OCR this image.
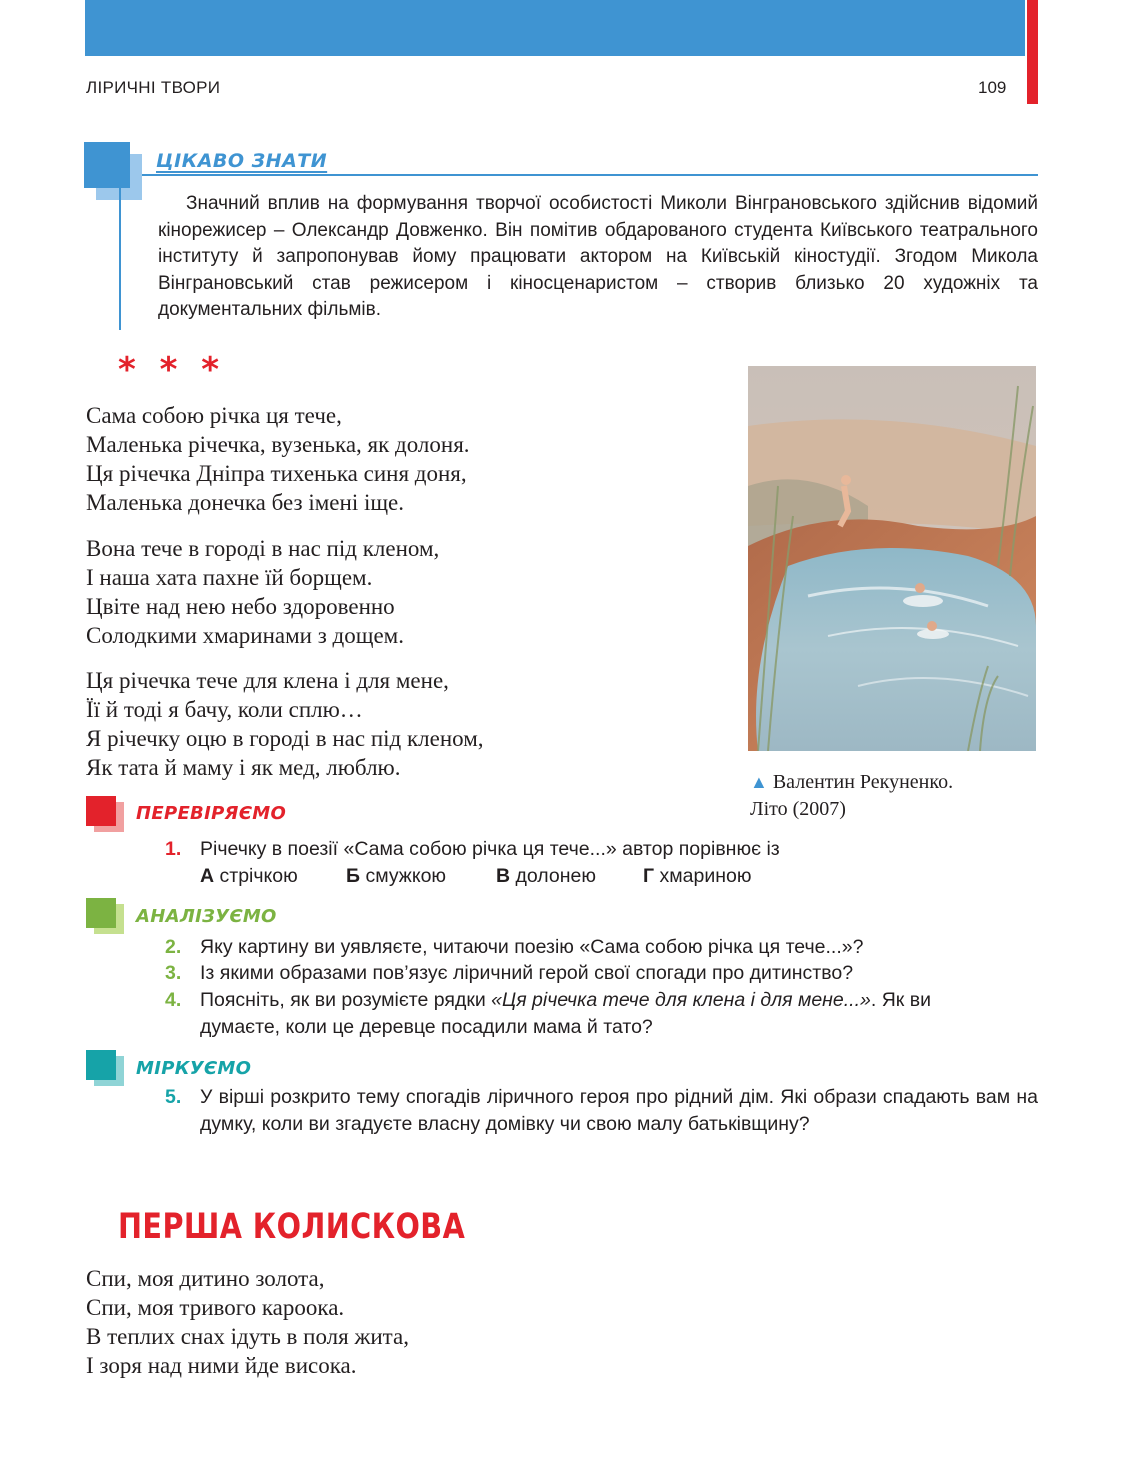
ЛІРИЧНІ ТВОРИ	109
ЦІКАВО ЗНАТИ

Значний вплив на формування творчої особистості Миколи Вінграновського здійснив відомий кінорежисер – Олександр Довженко. Він помітив обдарованого студента Київського театрального інституту й запропонував йому працювати актором на Київській кіностудії. Згодом Микола Вінграновський став режисером і кіносценаристом – створив близько 20 художніх та документальних фільмів.

* * *
Сама собою річка ця тече,
Маленька річечка, вузенька, як долоня.
Ця річечка Дніпра тихенька синя доня,
Маленька донечка без імені іще.
Вона тече в городі в нас під кленом,
І наша хата пахне їй борщем.
Цвіте над нею небо здоровенно
Солодкими хмаринами з дощем.
Ця річечка тече для клена і для мене,
Її й тоді я бачу, коли сплю…
Я річечку оцю в городі в нас під кленом,
Як тата й маму і як мед, люблю.
▲ Валентин Рекуненко.
Літо (2007)
ПЕРЕВІРЯЄМО
1. Річечку в поезії «Сама собою річка ця тече...» автор порівнює із
А стрічкою Б смужкою	В долонею Г хмариною
АНАЛІЗУЄМО
2. Яку картину ви уявляєте, читаючи поезію «Сама собою річка ця тече...»?
3. Із якими образами пов’язує ліричний герой свої спогади про дитинство?
4. Поясніть, як ви розумієте рядки «Ця річечка тече для клена і для мене...». Як ви
думаєте, коли це деревце посадили мама й тато?
МІРКУЄМО
5. У вірші розкрито тему спогадів ліричного героя про рідний дім. Які образи спадають вам на думку, коли ви згадуєте власну домівку чи свою малу батьківщину?
ПЕРША КОЛИСКОВА
Спи, моя дитино золота,
Спи, моя тривого кароока.
В теплих снах ідуть в поля жита,
І зоря над ними йде висока.
